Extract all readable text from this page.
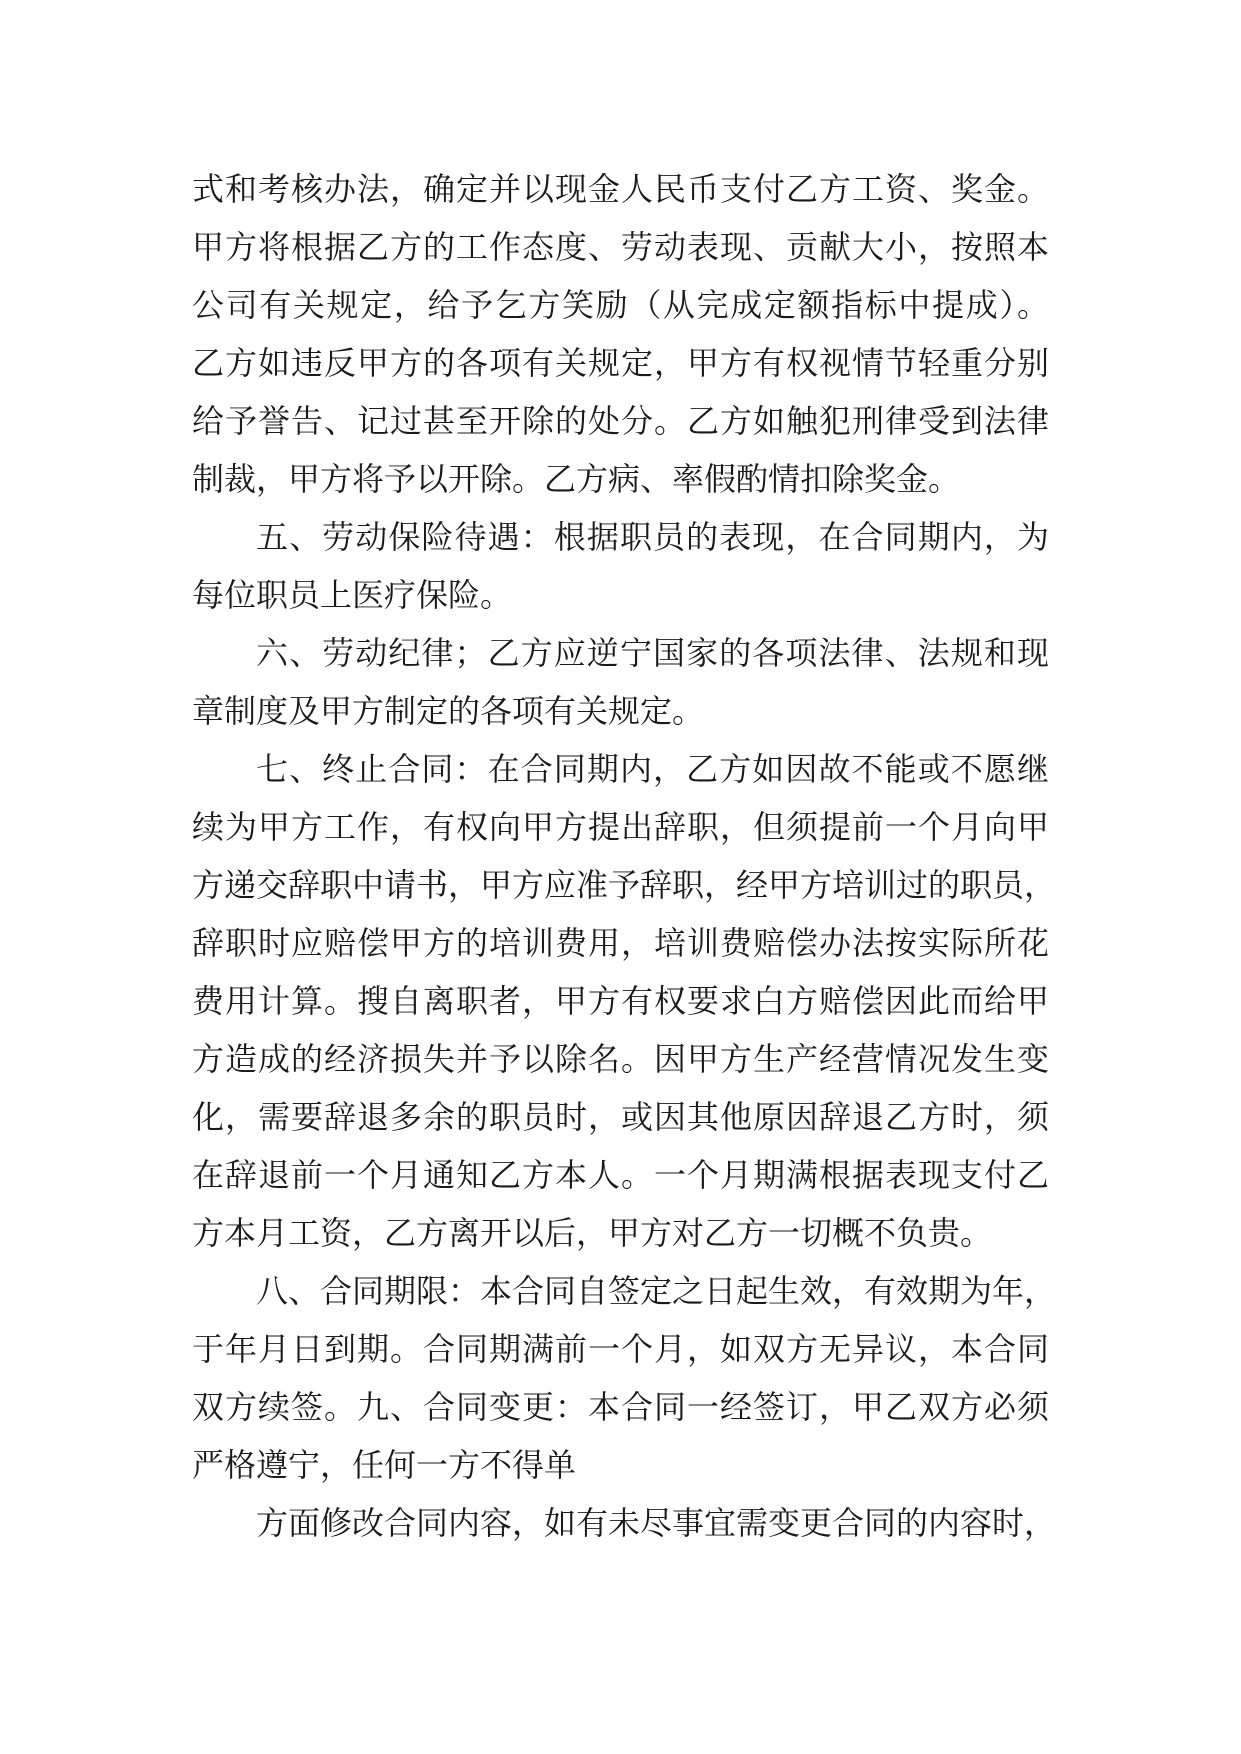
式和考核办法，确定并以现金人民币支付乙方工资、奖金。
甲方将根据乙方的工作态度、劳动表现、贡献大小，按照本
公司有关规定，给予乞方笑励（从完成定额指标中提成）。
乙方如违反甲方的各项有关规定，甲方有权视情节轻重分别
给予誉告、记过甚至开除的处分。乙方如触犯刑律受到法律
制裁，甲方将予以开除。乙方病、率假酌情扣除奖金。
五、劳动保险待遇：根据职员的表现，在合同期内，为
每位职员上医疗保险。
六、劳动纪律；乙方应逆宁国家的各项法律、法规和现
章制度及甲方制定的各项有关规定。
七、终止合同：在合同期内，乙方如因故不能或不愿继
续为甲方工作，有权向甲方提出辞职，但须提前一个月向甲
方递交辞职中请书，甲方应准予辞职，经甲方培训过的职员，
辞职时应赔偿甲方的培训费用，培训费赔偿办法按实际所花
费用计算。搜自离职者，甲方有权要求白方赔偿因此而给甲
方造成的经济损失并予以除名。因甲方生产经营情况发生变
化，需要辞退多余的职员时，或因其他原因辞退乙方时，须
在辞退前一个月通知乙方本人。一个月期满根据表现支付乙
方本月工资，乙方离开以后，甲方对乙方一切概不负贵。
八、合同期限：本合同自签定之日起生效，有效期为年，
于年月日到期。合同期满前一个月，如双方无异议，本合同
双方续签。九、合同变更：本合同一经签订，甲乙双方必须
严格遵宁，任何一方不得单
方面修改合同内容，如有未尽事宜需变更合同的内容时，
